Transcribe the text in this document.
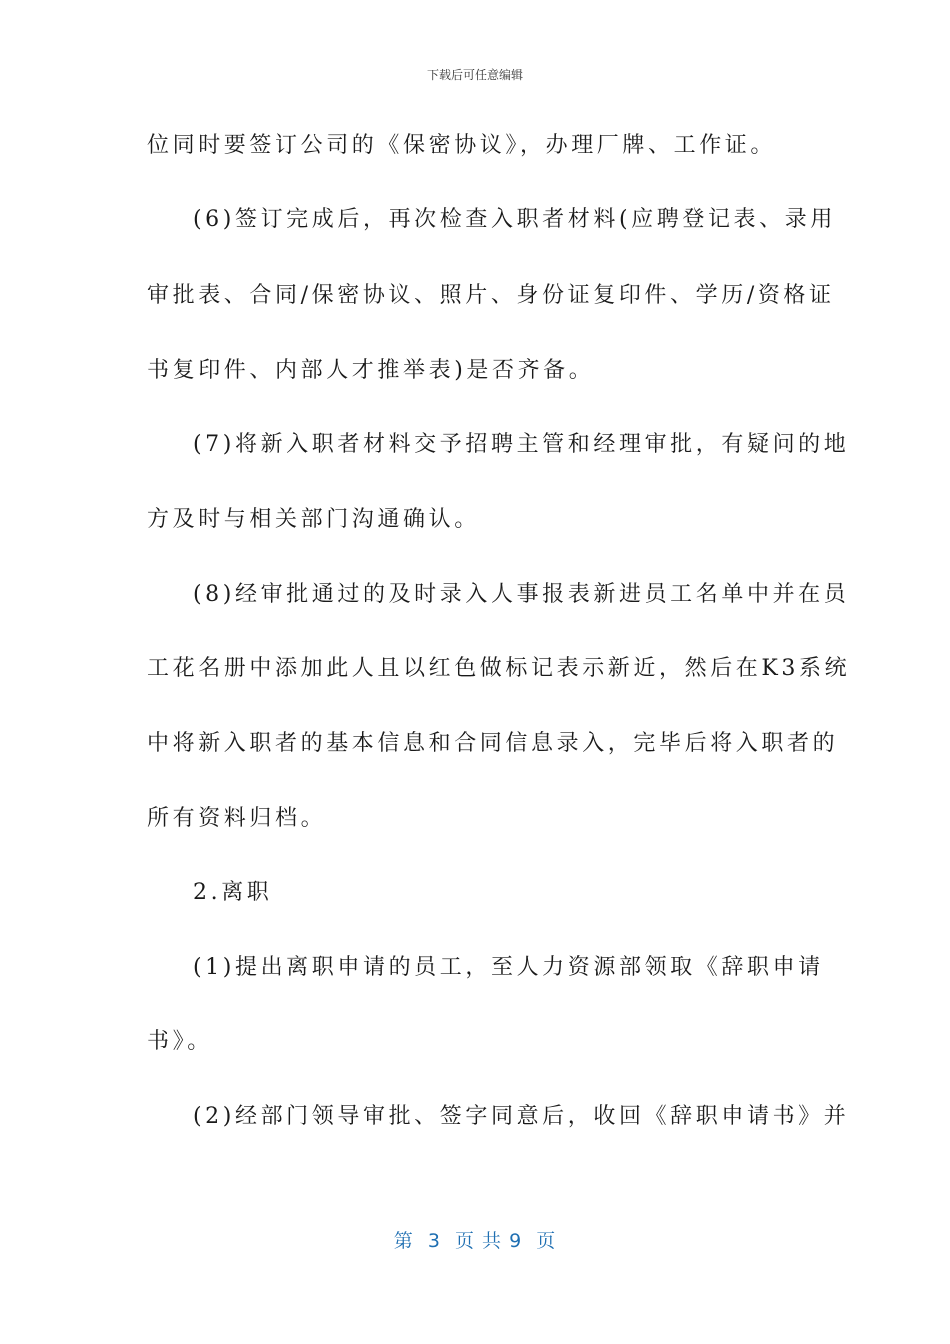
下载后可任意编辑
位同时要签订公司的《保密协议》，办理厂牌、工作证。
(6)签订完成后，再次检查入职者材料(应聘登记表、录用
审批表、合同/保密协议、照片、身份证复印件、学历/资格证
书复印件、内部人才推举表)是否齐备。
(7)将新入职者材料交予招聘主管和经理审批，有疑问的地
方及时与相关部门沟通确认。
(8)经审批通过的及时录入人事报表新进员工名单中并在员
工花名册中添加此人且以红色做标记表示新近，然后在K3系统
中将新入职者的基本信息和合同信息录入，完毕后将入职者的
所有资料归档。
2.离职
(1)提出离职申请的员工，至人力资源部领取《辞职申请
书》。
(2)经部门领导审批、签字同意后，收回《辞职申请书》并
第  3  页 共 9  页
